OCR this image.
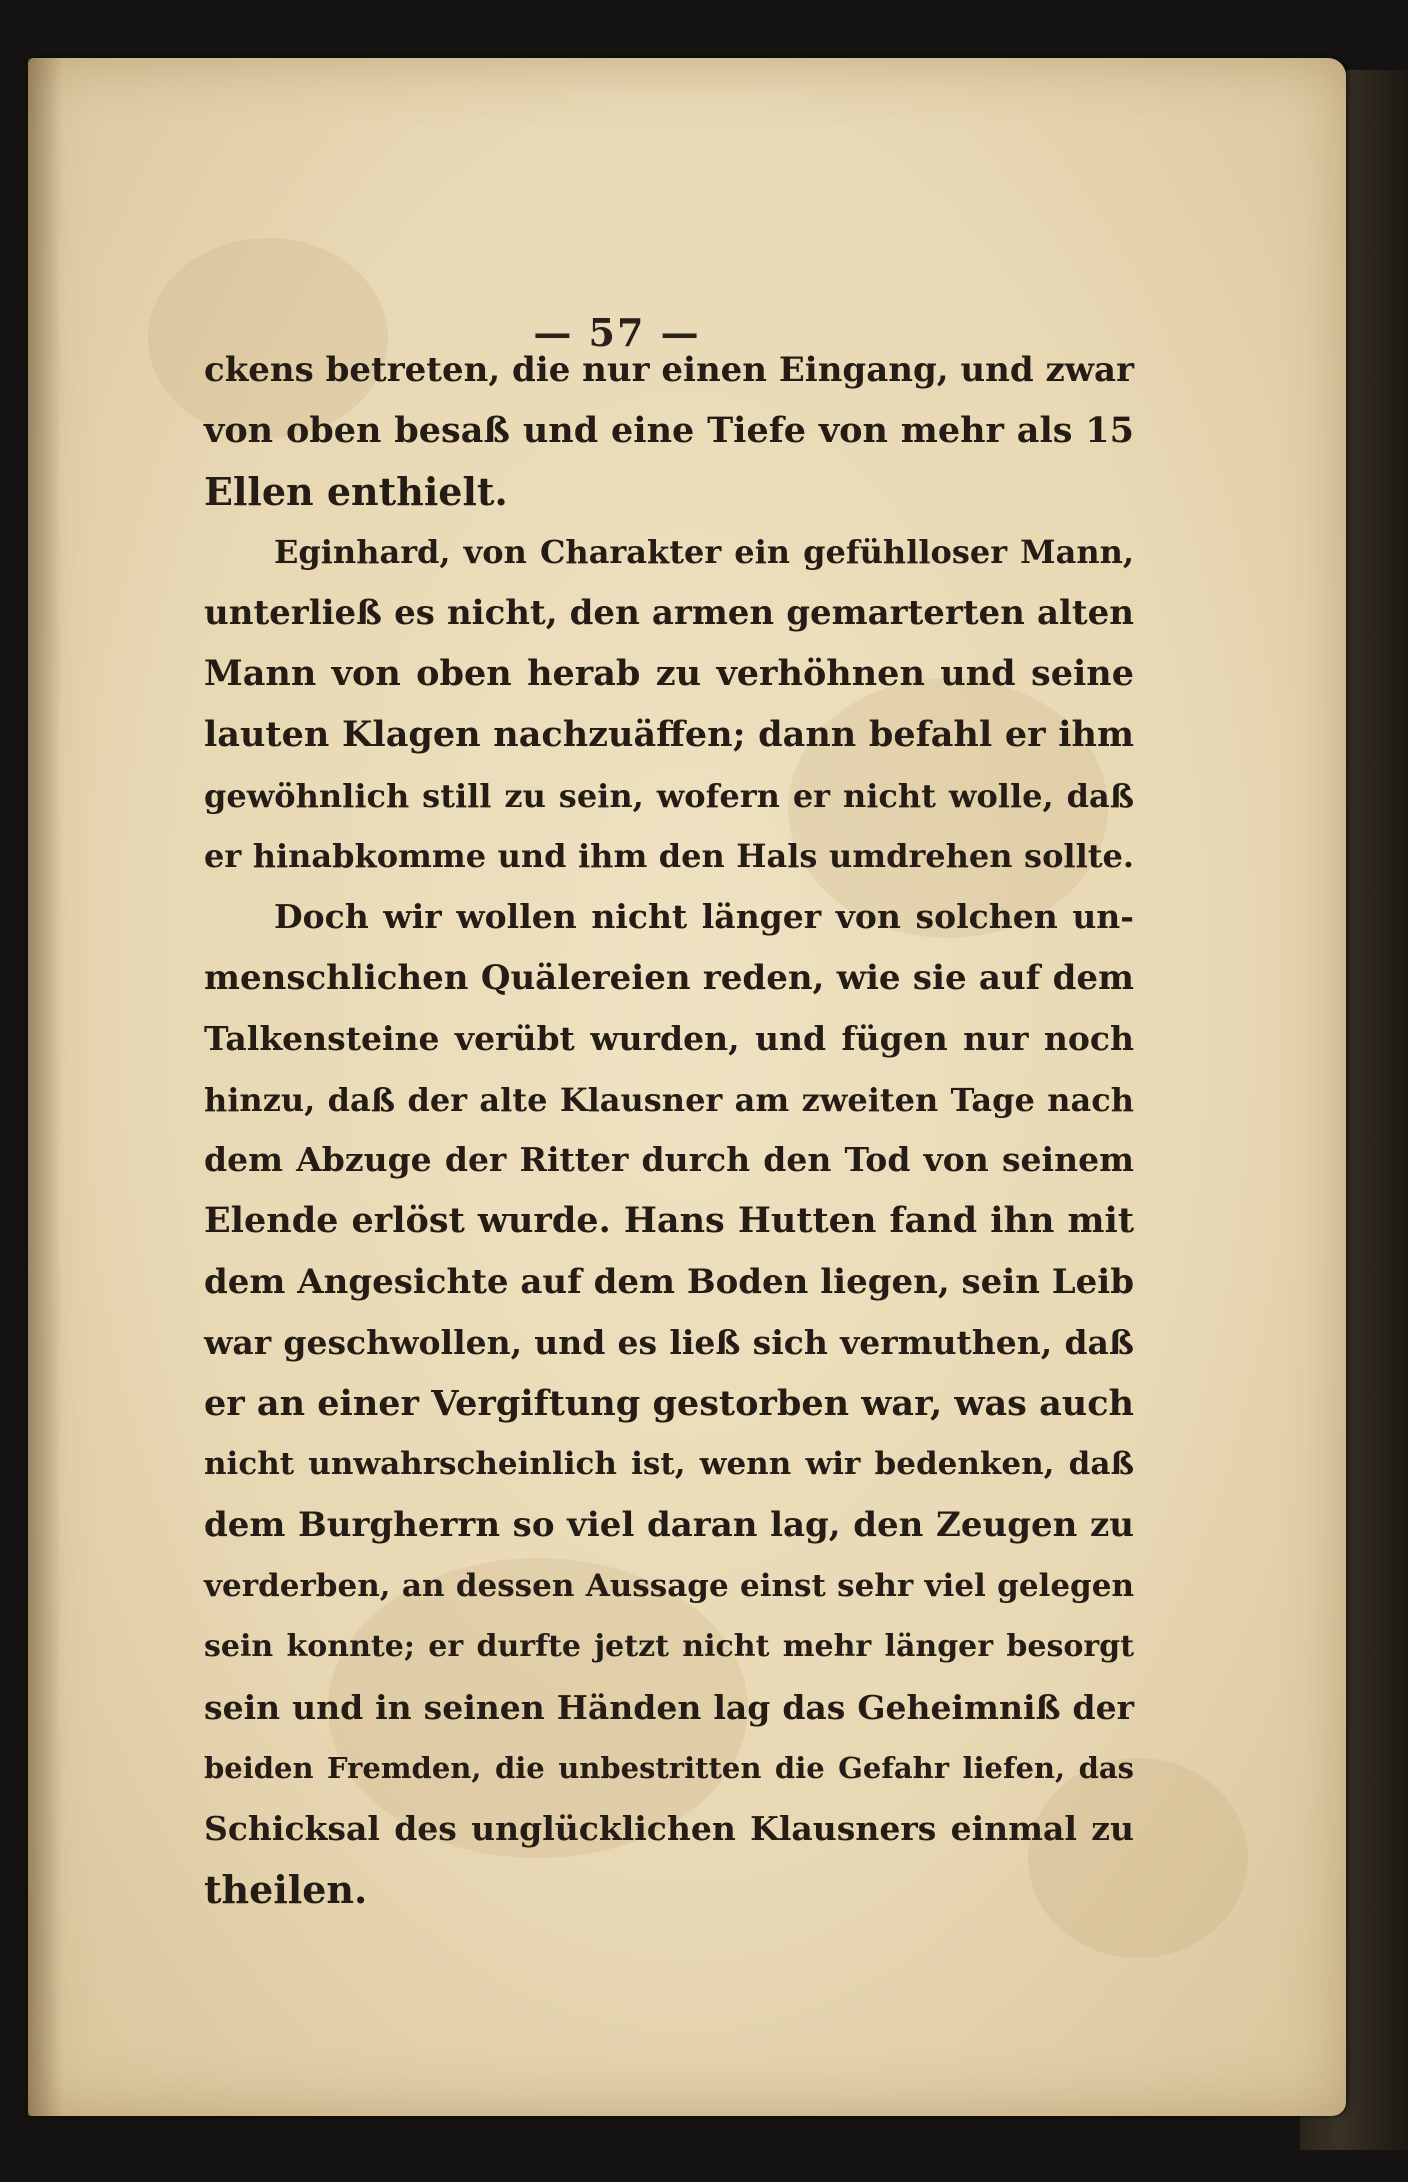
— 57 —
ckens betreten, die nur einen Eingang, und zwar
von oben besaß und eine Tiefe von mehr als 15
Ellen enthielt.
Eginhard, von Charakter ein gefühlloser Mann,
unterließ es nicht, den armen gemarterten alten
Mann von oben herab zu verhöhnen und seine
lauten Klagen nachzuäffen; dann befahl er ihm
gewöhnlich still zu sein, wofern er nicht wolle, daß
er hinabkomme und ihm den Hals umdrehen sollte.
Doch wir wollen nicht länger von solchen un-
menschlichen Quälereien reden, wie sie auf dem
Talkensteine verübt wurden, und fügen nur noch
hinzu, daß der alte Klausner am zweiten Tage nach
dem Abzuge der Ritter durch den Tod von seinem
Elende erlöst wurde. Hans Hutten fand ihn mit
dem Angesichte auf dem Boden liegen, sein Leib
war geschwollen, und es ließ sich vermuthen, daß
er an einer Vergiftung gestorben war, was auch
nicht unwahrscheinlich ist, wenn wir bedenken, daß
dem Burgherrn so viel daran lag, den Zeugen zu
verderben, an dessen Aussage einst sehr viel gelegen
sein konnte; er durfte jetzt nicht mehr länger besorgt
sein und in seinen Händen lag das Geheimniß der
beiden Fremden, die unbestritten die Gefahr liefen, das
Schicksal des unglücklichen Klausners einmal zu
theilen.
